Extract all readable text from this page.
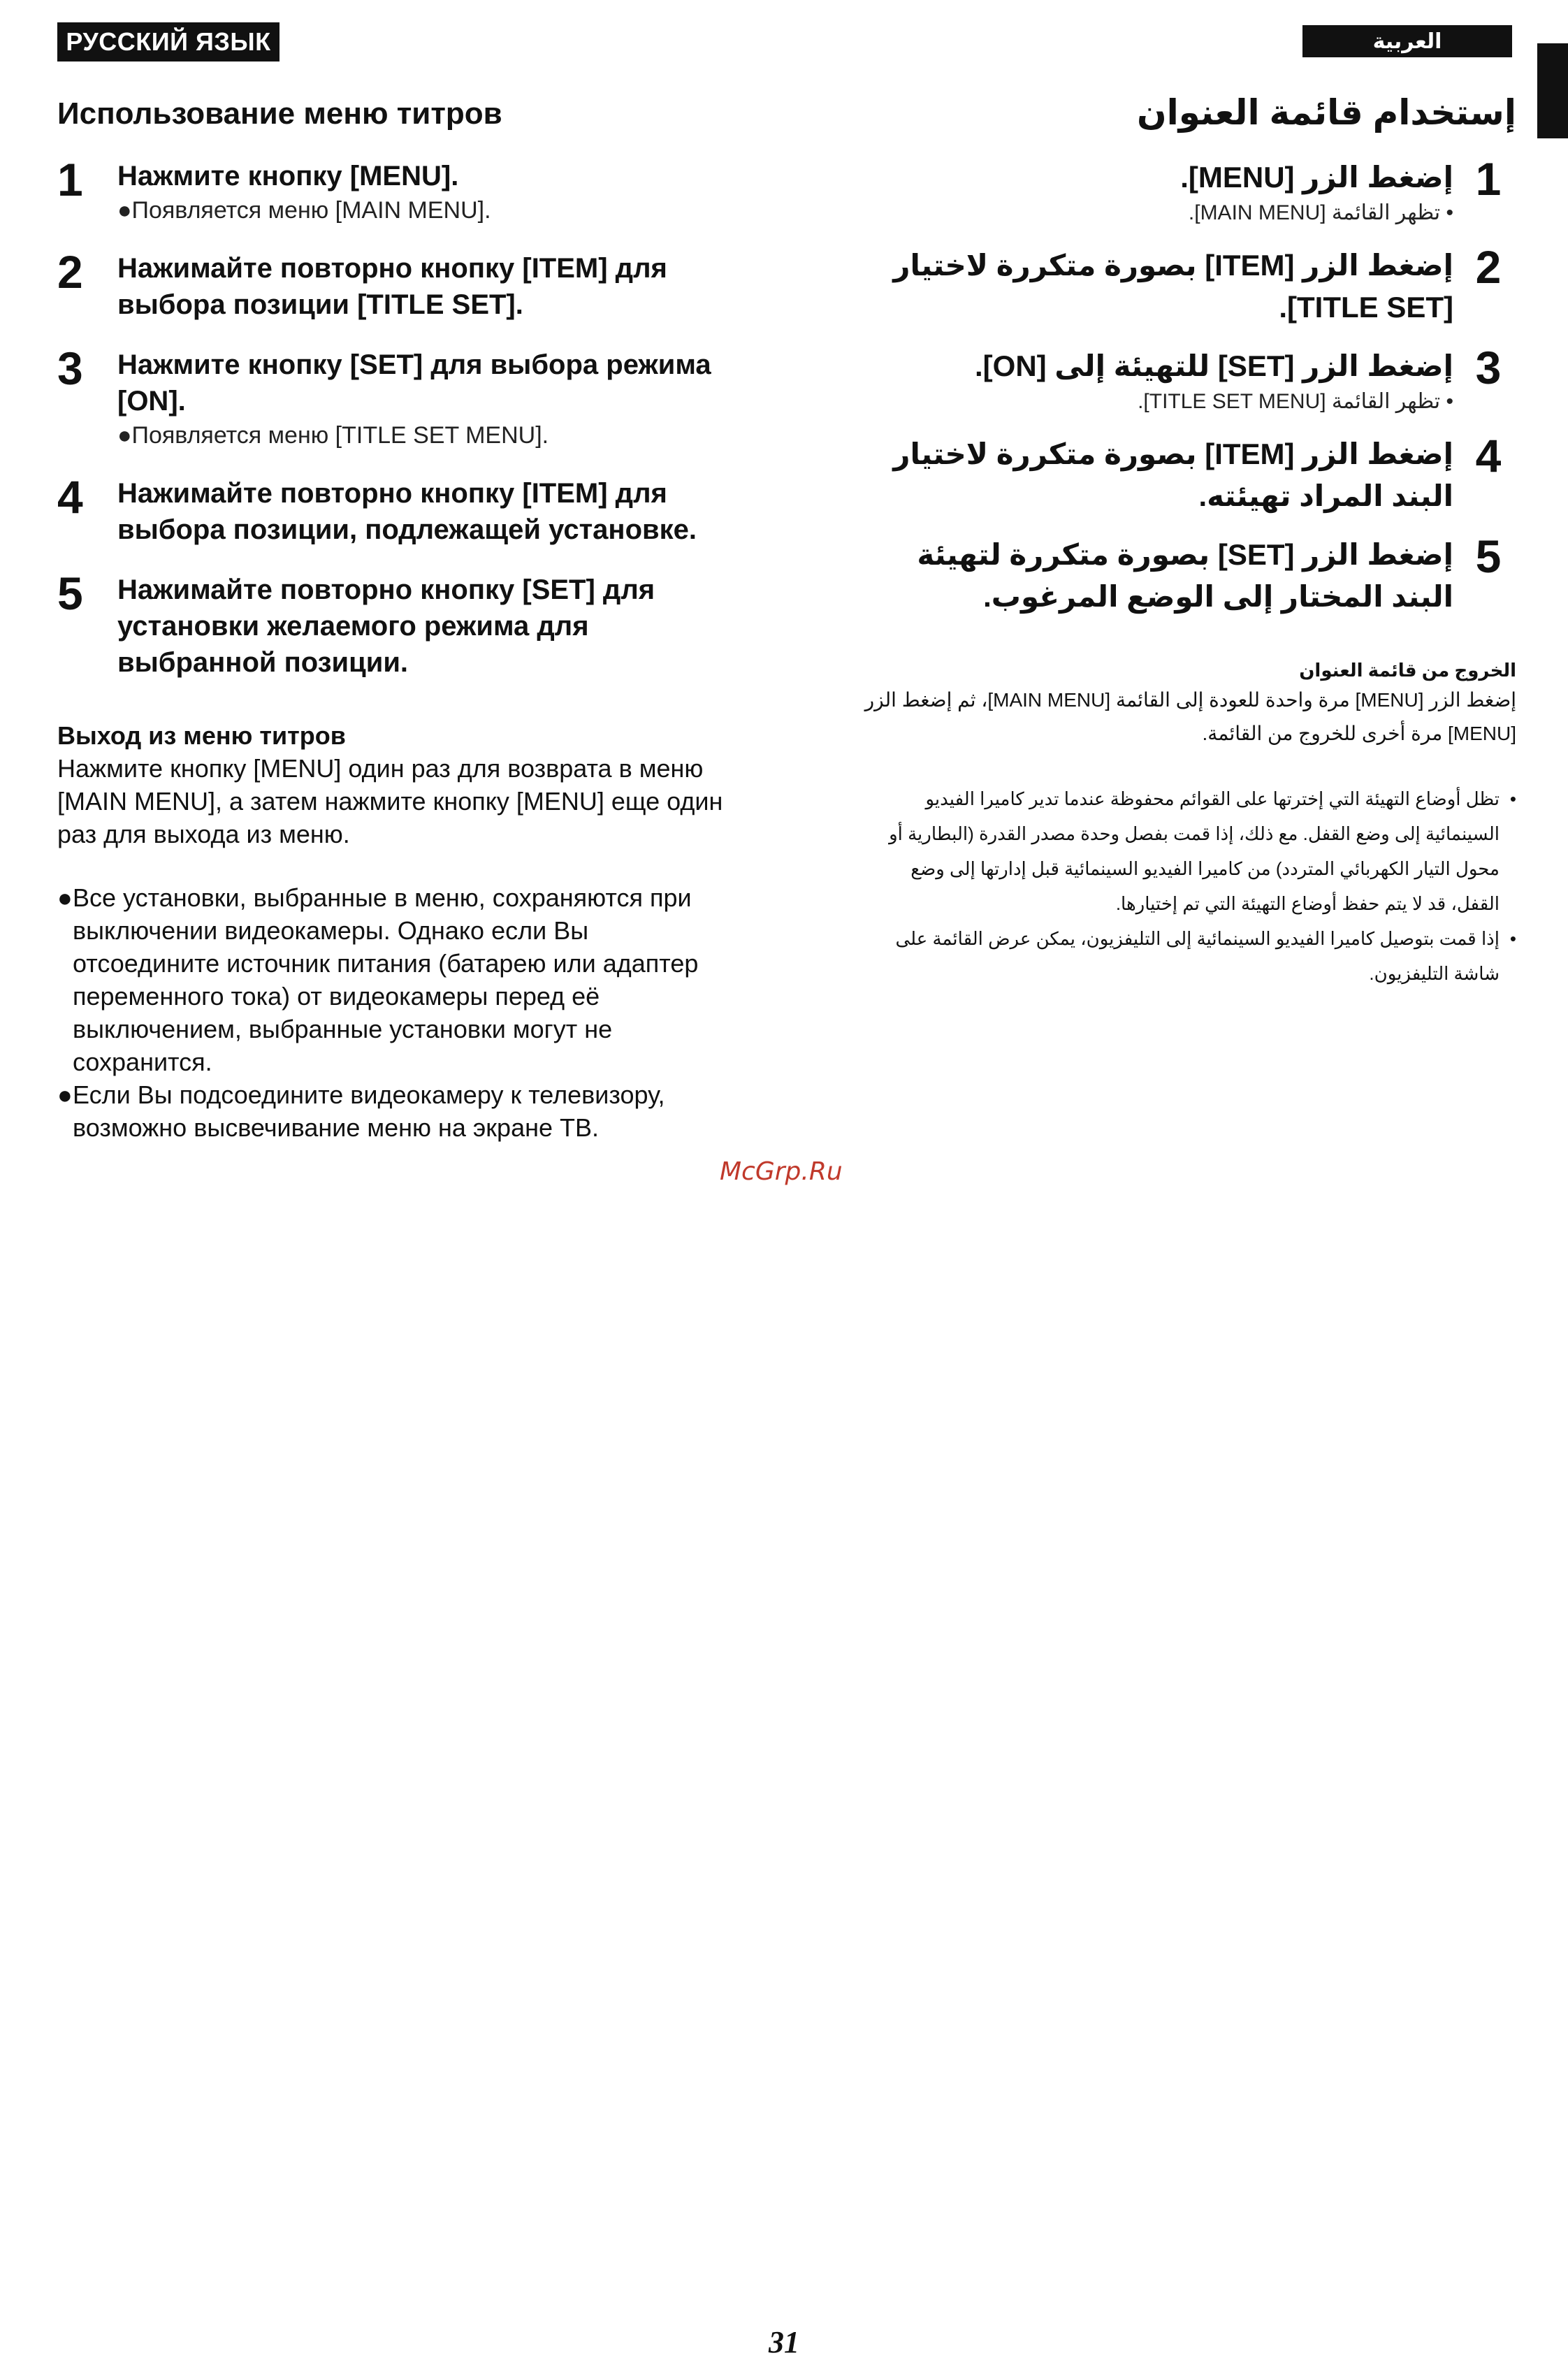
РУССКИЙ ЯЗЫК	العربية
Использование меню титров
1	Нажмите кнопку [MENU].
●Появляется меню [MAIN MENU].
2	Нажимайте повторно кнопку [ITEM] для выбора позиции [TITLE SET].
3	Нажмите кнопку [SET] для выбора режима [ON].
●Появляется меню [TITLE SET MENU].
4	Нажимайте повторно кнопку [ITEM] для выбора позиции, подлежащей установке.
5	Нажимайте повторно кнопку [SET] для установки желаемого режима для выбранной позиции.
Выход из меню титров
Нажмите кнопку [MENU] один раз для возврата в меню [MAIN MENU], а затем нажмите кнопку [MENU] еще один раз для выхода из меню.
● Все установки, выбранные в меню, сохраняются при выключении видеокамеры. Однако если Вы отсоедините источник питания (батарею или адаптер переменного тока) от видеокамеры перед её выключением, выбранные установки могут не сохранится.
● Если Вы подсоедините видеокамеру к телевизору, возможно высвечивание меню на экране ТВ.
إستخدام قائمة العنوان
1
إضغط الزر [MENU].
• تظهر القائمة [MAIN MENU].
2
إضغط الزر [ITEM] بصورة متكررة لاختيار [TITLE SET].
3
إضغط الزر [SET] للتهيئة إلى [ON].
• تظهر القائمة [TITLE SET MENU].
4
إضغط الزر [ITEM] بصورة متكررة لاختيار البند المراد تهيئته.
5
إضغط الزر [SET] بصورة متكررة لتهيئة البند المختار إلى الوضع المرغوب.
الخروج من قائمة العنوان
إضغط الزر [MENU] مرة واحدة للعودة إلى القائمة [MAIN MENU]، ثم إضغط الزر [MENU] مرة أخرى للخروج من القائمة.
•
تظل أوضاع التهيئة التي إخترتها على القوائم محفوظة عندما تدير كاميرا الفيديو السينمائية إلى وضع القفل. مع ذلك، إذا قمت بفصل وحدة مصدر القدرة (البطارية أو محول التيار الكهربائي المتردد) من كاميرا الفيديو السينمائية قبل إدارتها إلى وضع القفل، قد لا يتم حفظ أوضاع التهيئة التي تم إختيارها.
•
إذا قمت بتوصيل كاميرا الفيديو السينمائية إلى التليفزيون، يمكن عرض القائمة على شاشة التليفزيون.
McGrp.Ru
31
